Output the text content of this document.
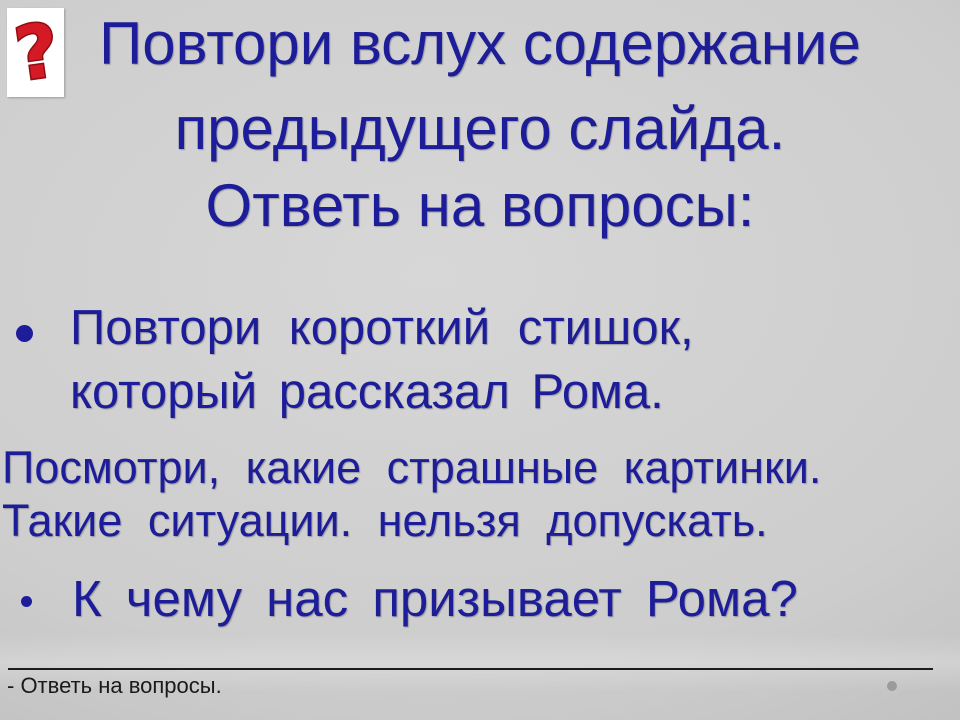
? Повтори вслух содержание
предыдущего слайда.
Ответь на вопросы:
Повтори короткий стишок,
который рассказал Рома.
Посмотри, какие страшные картинки.
Такие ситуации. нельзя допускать.
К чему нас призывает Рома?
- Ответь на вопросы.
